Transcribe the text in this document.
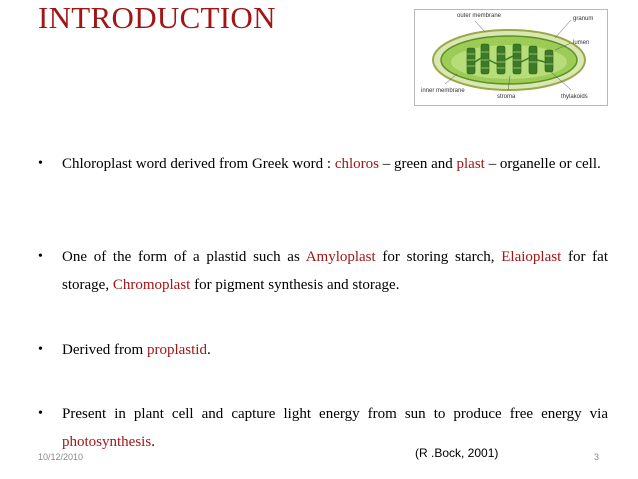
INTRODUCTION	outer membrane	granum
lumen
inner membrane
stroma	thylakoids
• Chloroplast word derived from Greek word : chloros – green and plast – organelle or cell.
• One of the form of a plastid such as Amyloplast for storing starch, Elaioplast for fat storage, Chromoplast for pigment synthesis and storage.
• Derived from proplastid.
• Present in plant cell and capture light energy from sun to produce free energy via photosynthesis.
10/12/2010	(R .Bock, 2001)	3
